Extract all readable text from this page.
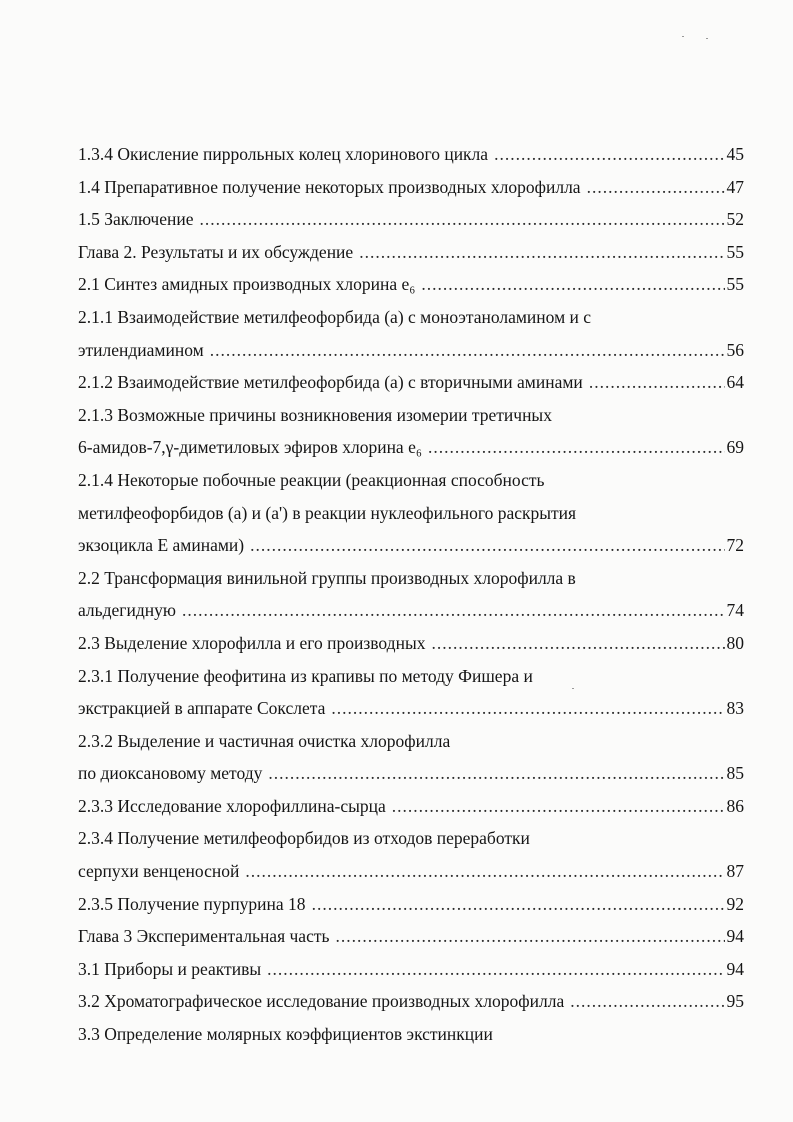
1.3.4 Окисление пиррольных колец хлоринового цикла .....	45
1.4 Препаративное получение некоторых производных хлорофилла .....	47
1.5 Заключение .....	52
Глава 2. Результаты и их обсуждение .....	55
2.1 Синтез амидных производных хлорина e₆ .....	55
2.1.1 Взаимодействие метилфеофорбида (a) с моноэтаноламином и с
этилендиамином .....	56
2.1.2 Взаимодействие метилфеофорбида (a) с вторичными аминами .....	64
2.1.3 Возможные причины возникновения изомерии третичных
6-амидов-7,γ-диметиловых эфиров хлорина e₆ .....	69
2.1.4 Некоторые побочные реакции (реакционная способность
метилфеофорбидов (a) и (a') в реакции нуклеофильного раскрытия
экзоцикла E аминами) .....	72
2.2 Трансформация винильной группы производных хлорофилла в
альдегидную .....	74
2.3 Выделение хлорофилла и его производных .....	80
2.3.1 Получение феофитина из крапивы по методу Фишера и
экстракцией в аппарате Сокслета .....	83
2.3.2 Выделение и частичная очистка хлорофилла
по диоксановому методу .....	85
2.3.3 Исследование хлорофиллина-сырца .....	86
2.3.4 Получение метилфеофорбидов из отходов переработки
серпухи венценосной .....	87
2.3.5 Получение пурпурина 18 .....	92
Глава 3 Экспериментальная часть .....	94
3.1 Приборы и реактивы .....	94
3.2 Хроматографическое исследование производных хлорофилла .....	95
3.3 Определение молярных коэффициентов экстинкции
